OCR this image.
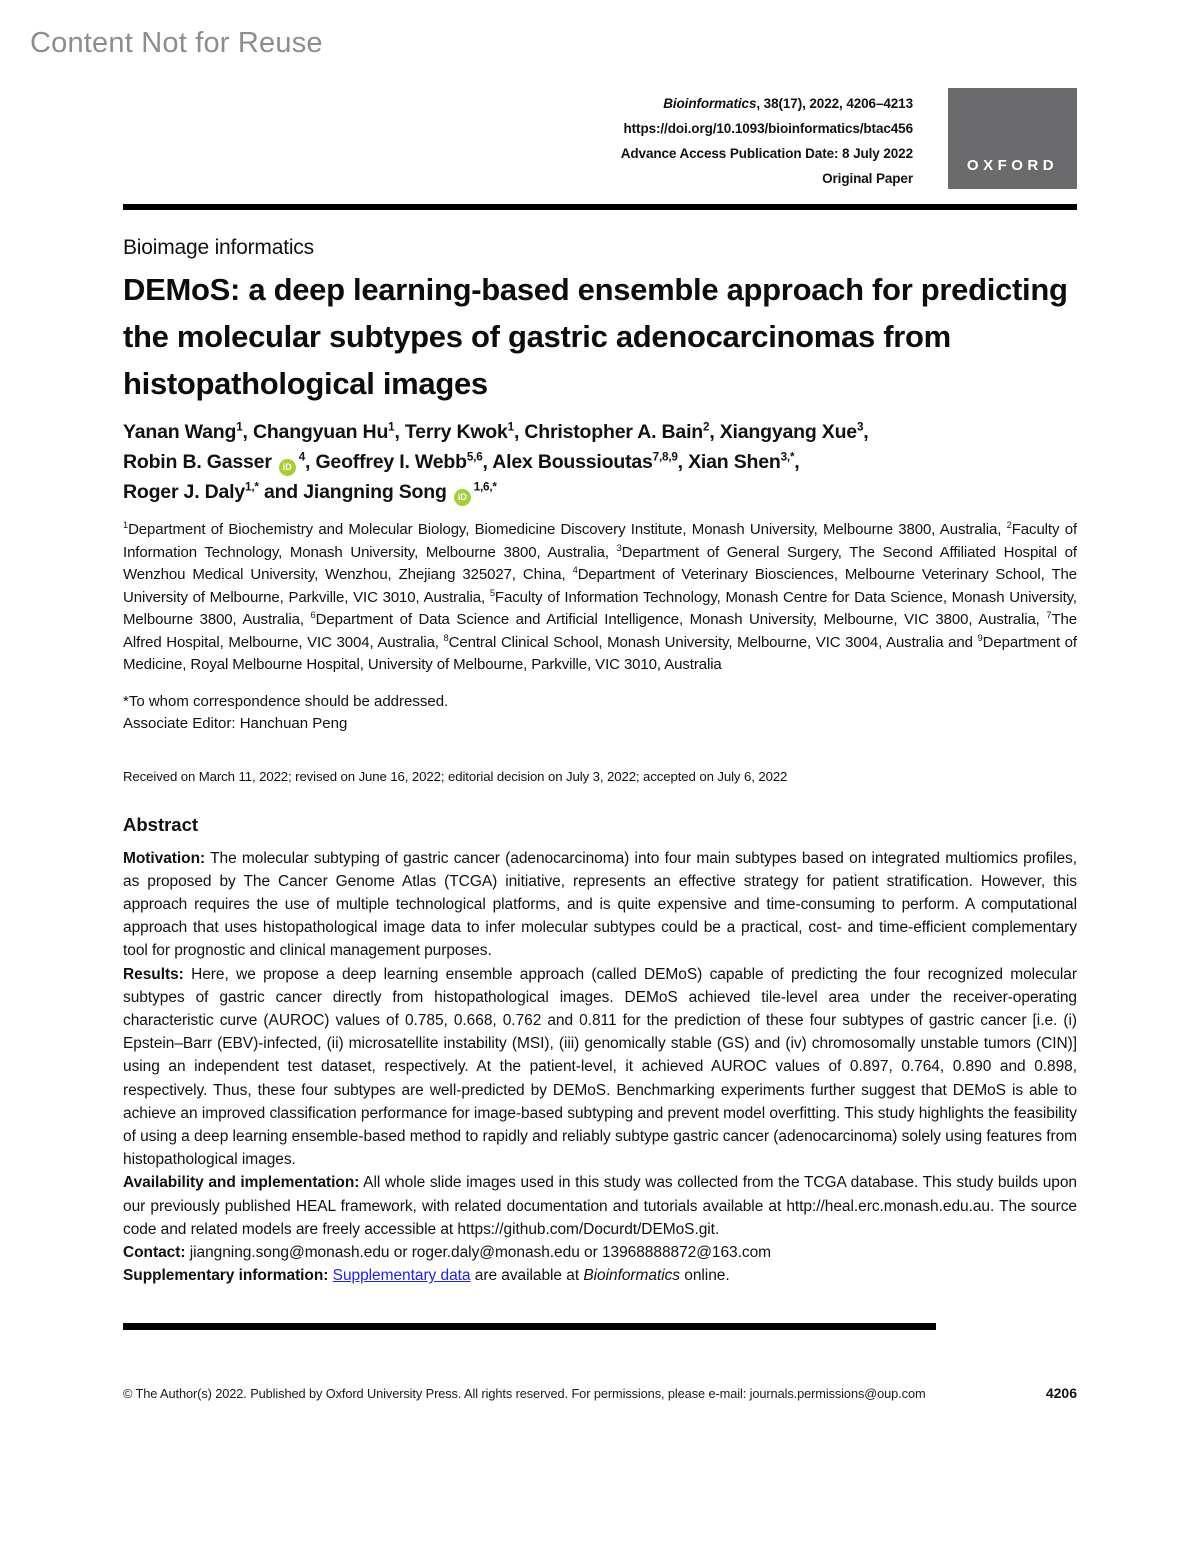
Content Not for Reuse
Bioinformatics, 38(17), 2022, 4206–4213
https://doi.org/10.1093/bioinformatics/btac456
Advance Access Publication Date: 8 July 2022
Original Paper
OXFORD
Bioimage informatics
DEMoS: a deep learning-based ensemble approach for predicting the molecular subtypes of gastric adenocarcinomas from histopathological images
Yanan Wang$^1$, Changyuan Hu$^1$, Terry Kwok$^1$, Christopher A. Bain$^2$, Xiangyang Xue$^3$,
Robin B. Gasser $iD^4$, Geoffrey I. Webb$^{5,6}$, Alex Boussioutas$^{7,8,9}$, Xian Shen$^{3,*}$,
Roger J. Daly$^{1,*}$ and Jiangning Song $iD^{1,6,*}$
$^1$Department of Biochemistry and Molecular Biology, Biomedicine Discovery Institute, Monash University, Melbourne 3800, Australia, $^2$Faculty of Information Technology, Monash University, Melbourne 3800, Australia, $^3$Department of General Surgery, The Second Affiliated Hospital of Wenzhou Medical University, Wenzhou, Zhejiang 325027, China, $^4$Department of Veterinary Biosciences, Melbourne Veterinary School, The University of Melbourne, Parkville, VIC 3010, Australia, $^5$Faculty of Information Technology, Monash Centre for Data Science, Monash University, Melbourne 3800, Australia, $^6$Department of Data Science and Artificial Intelligence, Monash University, Melbourne, VIC 3800, Australia, $^7$The Alfred Hospital, Melbourne, VIC 3004, Australia, $^8$Central Clinical School, Monash University, Melbourne, VIC 3004, Australia and $^9$Department of Medicine, Royal Melbourne Hospital, University of Melbourne, Parkville, VIC 3010, Australia
*To whom correspondence should be addressed.
Associate Editor: Hanchuan Peng
Received on March 11, 2022; revised on June 16, 2022; editorial decision on July 3, 2022; accepted on July 6, 2022
Abstract

Motivation: The molecular subtyping of gastric cancer (adenocarcinoma) into four main subtypes based on integrated multiomics profiles, as proposed by The Cancer Genome Atlas (TCGA) initiative, represents an effective strategy for patient stratification. However, this approach requires the use of multiple technological platforms, and is quite expensive and time-consuming to perform. A computational approach that uses histopathological image data to infer molecular subtypes could be a practical, cost- and time-efficient complementary tool for prognostic and clinical management purposes.

Results: Here, we propose a deep learning ensemble approach (called DEMoS) capable of predicting the four recognized molecular subtypes of gastric cancer directly from histopathological images. DEMoS achieved tile-level area under the receiver-operating characteristic curve (AUROC) values of 0.785, 0.668, 0.762 and 0.811 for the prediction of these four subtypes of gastric cancer [i.e. (i) Epstein–Barr (EBV)-infected, (ii) microsatellite instability (MSI), (iii) genomically stable (GS) and (iv) chromosomally unstable tumors (CIN)] using an independent test dataset, respectively. At the patient-level, it achieved AUROC values of 0.897, 0.764, 0.890 and 0.898, respectively. Thus, these four subtypes are well-predicted by DEMoS. Benchmarking experiments further suggest that DEMoS is able to achieve an improved classification performance for image-based subtyping and prevent model overfitting. This study highlights the feasibility of using a deep learning ensemble-based method to rapidly and reliably subtype gastric cancer (adenocarcinoma) solely using features from histopathological images.

Availability and implementation: All whole slide images used in this study was collected from the TCGA database. This study builds upon our previously published HEAL framework, with related documentation and tutorials available at http://heal.erc.monash.edu.au. The source code and related models are freely accessible at https://github.com/Docurdt/DEMoS.git.

Contact: jiangning.song@monash.edu or roger.daly@monash.edu or 13968888872@163.com

Supplementary information: Supplementary data are available at Bioinformatics online.

© The Author(s) 2022. Published by Oxford University Press. All rights reserved. For permissions, please e-mail: journals.permissions@oup.com	4206
